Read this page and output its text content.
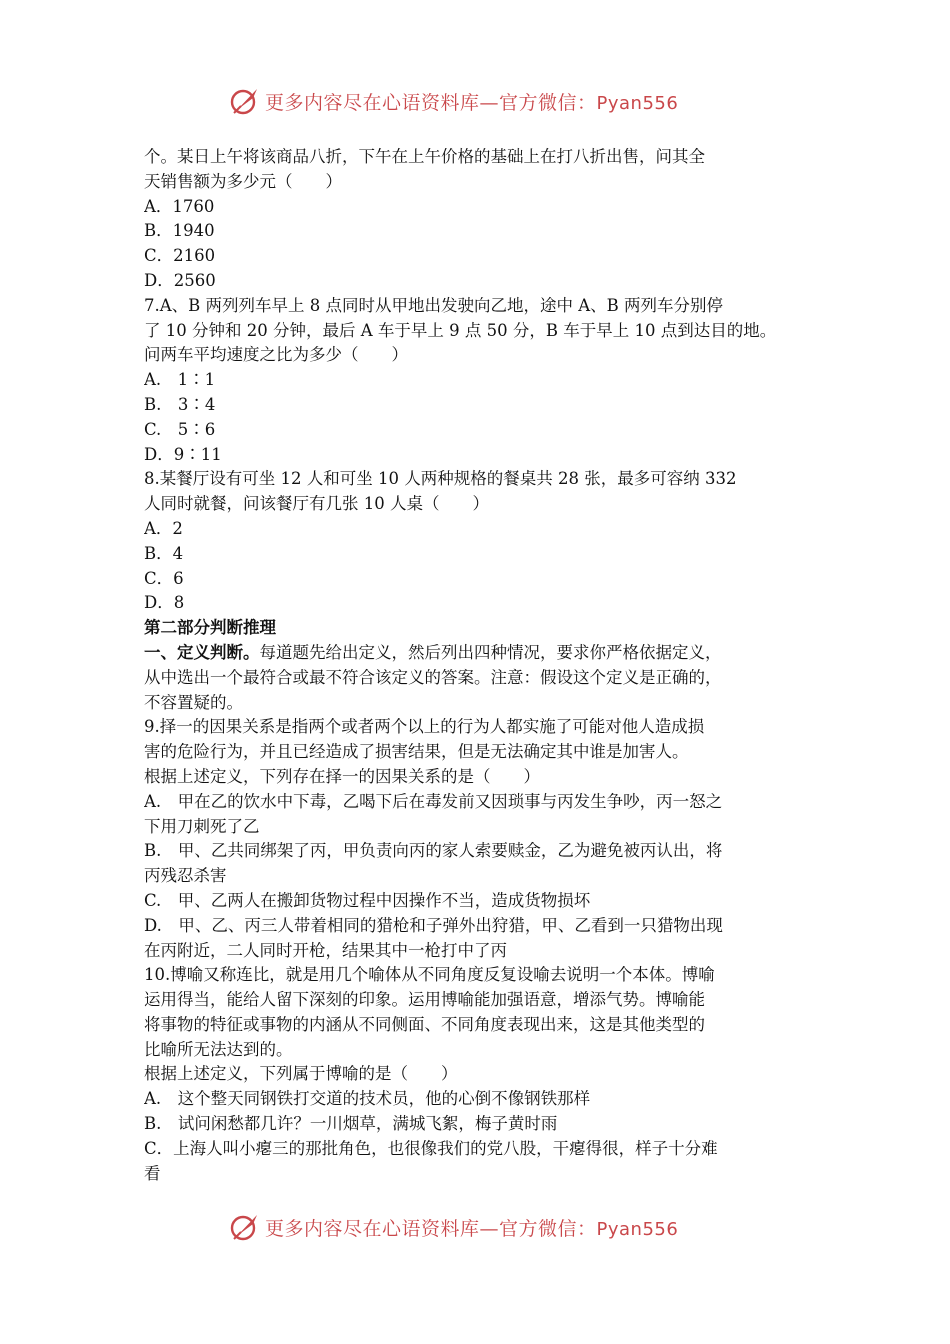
更多内容尽在心语资料库—官方微信：Pyan556
个。某日上午将该商品八折，下午在上午价格的基础上在打八折出售，问其全
天销售额为多少元（　　）
A．1760
B．1940
C．2160
D．2560
7.A、B 两列列车早上 8 点同时从甲地出发驶向乙地，途中 A、B 两列车分别停
了 10 分钟和 20 分钟，最后 A 车于早上 9 点 50 分，B 车于早上 10 点到达目的地。
问两车平均速度之比为多少（　　）
A.　1∶1
B.　3∶4
C.　5∶6
D．9∶11
8.某餐厅设有可坐 12 人和可坐 10 人两种规格的餐桌共 28 张，最多可容纳 332
人同时就餐，问该餐厅有几张 10 人桌（　　）
A．2
B．4
C．6
D．8
第二部分判断推理
一、定义判断。每道题先给出定义，然后列出四种情况，要求你严格依据定义，
从中选出一个最符合或最不符合该定义的答案。注意：假设这个定义是正确的，
不容置疑的。
9.择一的因果关系是指两个或者两个以上的行为人都实施了可能对他人造成损
害的危险行为，并且已经造成了损害结果，但是无法确定其中谁是加害人。
根据上述定义，下列存在择一的因果关系的是（　　）
A.　甲在乙的饮水中下毒，乙喝下后在毒发前又因琐事与丙发生争吵，丙一怒之
下用刀刺死了乙
B.　甲、乙共同绑架了丙，甲负责向丙的家人索要赎金，乙为避免被丙认出，将
丙残忍杀害
C.　甲、乙两人在搬卸货物过程中因操作不当，造成货物损坏
D.　甲、乙、丙三人带着相同的猎枪和子弹外出狩猎，甲、乙看到一只猎物出现
在丙附近，二人同时开枪，结果其中一枪打中了丙
10.博喻又称连比，就是用几个喻体从不同角度反复设喻去说明一个本体。博喻
运用得当，能给人留下深刻的印象。运用博喻能加强语意，增添气势。博喻能
将事物的特征或事物的内涵从不同侧面、不同角度表现出来，这是其他类型的
比喻所无法达到的。
根据上述定义，下列属于博喻的是（　　）
A.　这个整天同钢铁打交道的技术员，他的心倒不像钢铁那样
B.　试问闲愁都几许？一川烟草，满城飞絮，梅子黄时雨
C．上海人叫小瘪三的那批角色，也很像我们的党八股，干瘪得很，样子十分难
看
更多内容尽在心语资料库—官方微信：Pyan556
